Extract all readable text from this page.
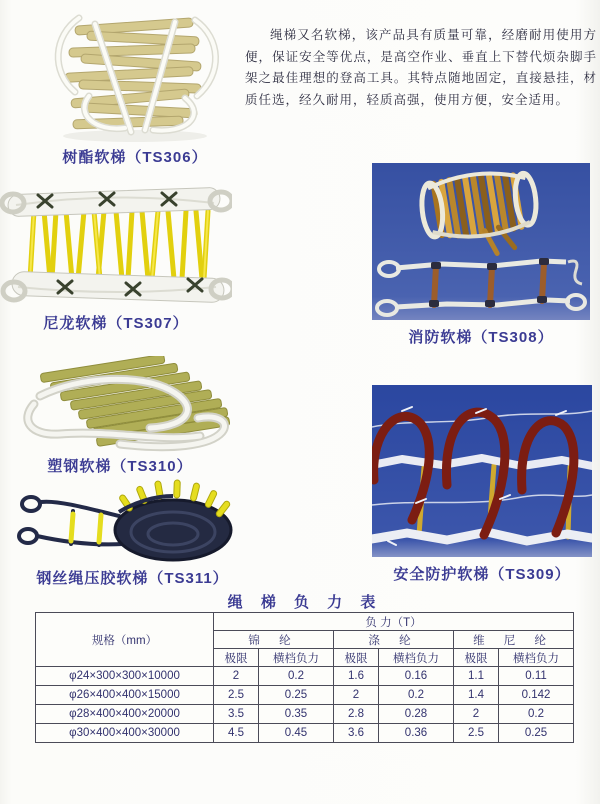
绳梯又名软梯，该产品具有质量可靠，经磨耐用使用方便，保证安全等优点，是高空作业、垂直上下替代烦杂脚手架之最佳理想的登高工具。其特点随地固定，直接悬挂，材质任选，经久耐用，轻质高强，使用方便，安全适用。
树酯软梯（TS306）
尼龙软梯（TS307）
消防软梯（TS308）
塑钢软梯（TS310）
钢丝绳压胶软梯（TS311）	安全防护软梯（TS309）
绳 梯 负 力 表
规格（mm）	负 力（T）					
	锦 纶		涤 纶		维 尼 纶	
	极限	横档负力	极限	横档负力	极限	横档负力
φ24×300×300×10000	2	0.2	1.6	0.16	1.1	0.11
φ26×400×400×15000	2.5	0.25	2	0.2	1.4	0.142
φ28×400×400×20000	3.5	0.35	2.8	0.28	2	0.2
φ30×400×400×30000	4.5	0.45	3.6	0.36	2.5	0.25
